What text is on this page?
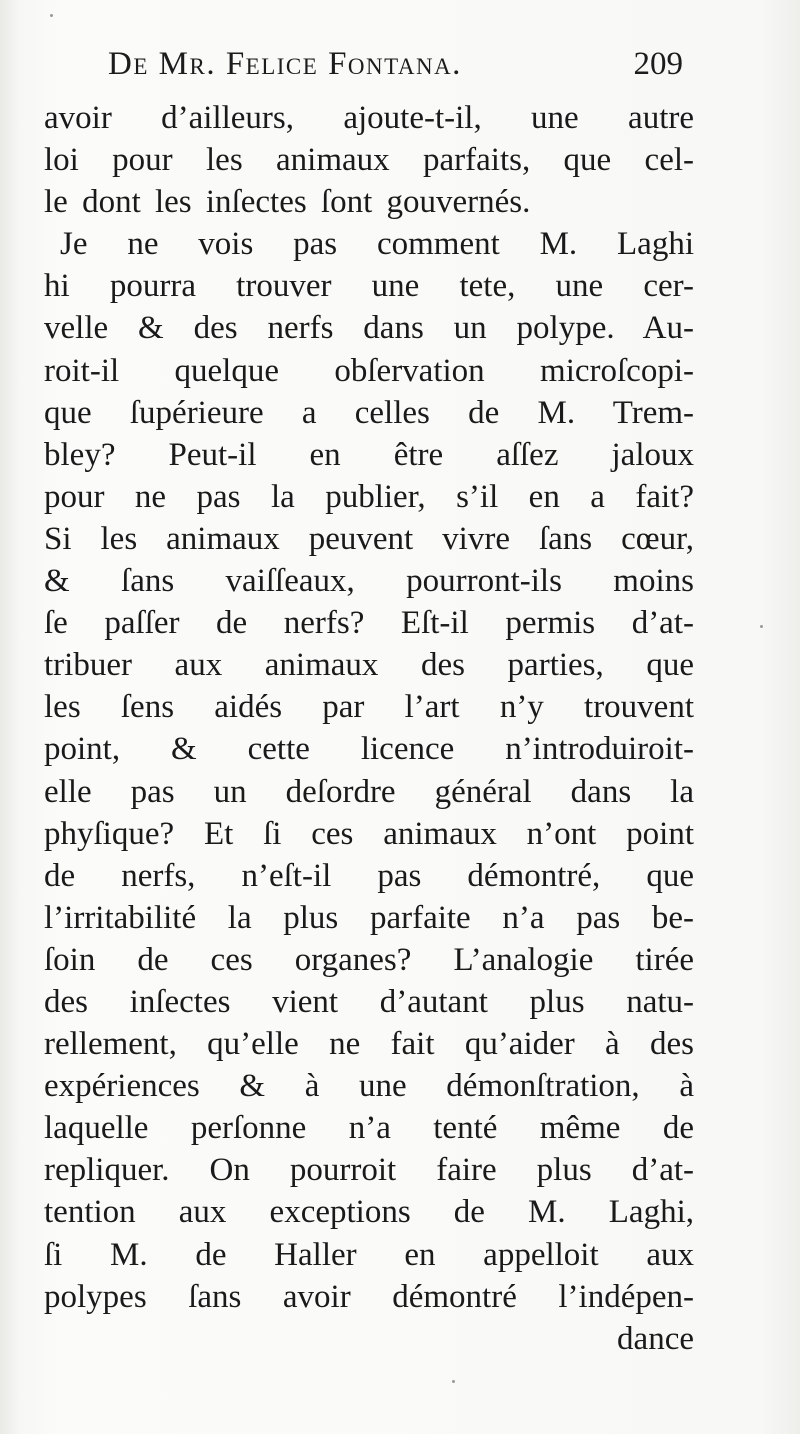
De Mr. Felice Fontana.	209
avoir d’ailleurs, ajoute-t-il, une autre
loi pour les animaux parfaits, que cel-
le dont les inſectes ſont gouvernés.
Je ne vois pas comment M. Laghi
hi pourra trouver une tete, une cer-
velle & des nerfs dans un polype. Au-
roit-il quelque obſervation microſcopi-
que ſupérieure a celles de M. Trem-
bley? Peut-il en être aſſez jaloux
pour ne pas la publier, s’il en a fait?
Si les animaux peuvent vivre ſans cœur,
& ſans vaiſſeaux, pourront-ils moins
ſe paſſer de nerfs? Eſt-il permis d’at-
tribuer aux animaux des parties, que
les ſens aidés par l’art n’y trouvent
point, & cette licence n’introduiroit-
elle pas un deſordre général dans la
phyſique? Et ſi ces animaux n’ont point
de nerfs, n’eſt-il pas démontré, que
l’irritabilité la plus parfaite n’a pas be-
ſoin de ces organes? L’analogie tirée
des inſectes vient d’autant plus natu-
rellement, qu’elle ne fait qu’aider à des
expériences & à une démonſtration, à
laquelle perſonne n’a tenté même de
repliquer. On pourroit faire plus d’at-
tention aux exceptions de M. Laghi,
ſi M. de Haller en appelloit aux
polypes ſans avoir démontré l’indépen-
dance
